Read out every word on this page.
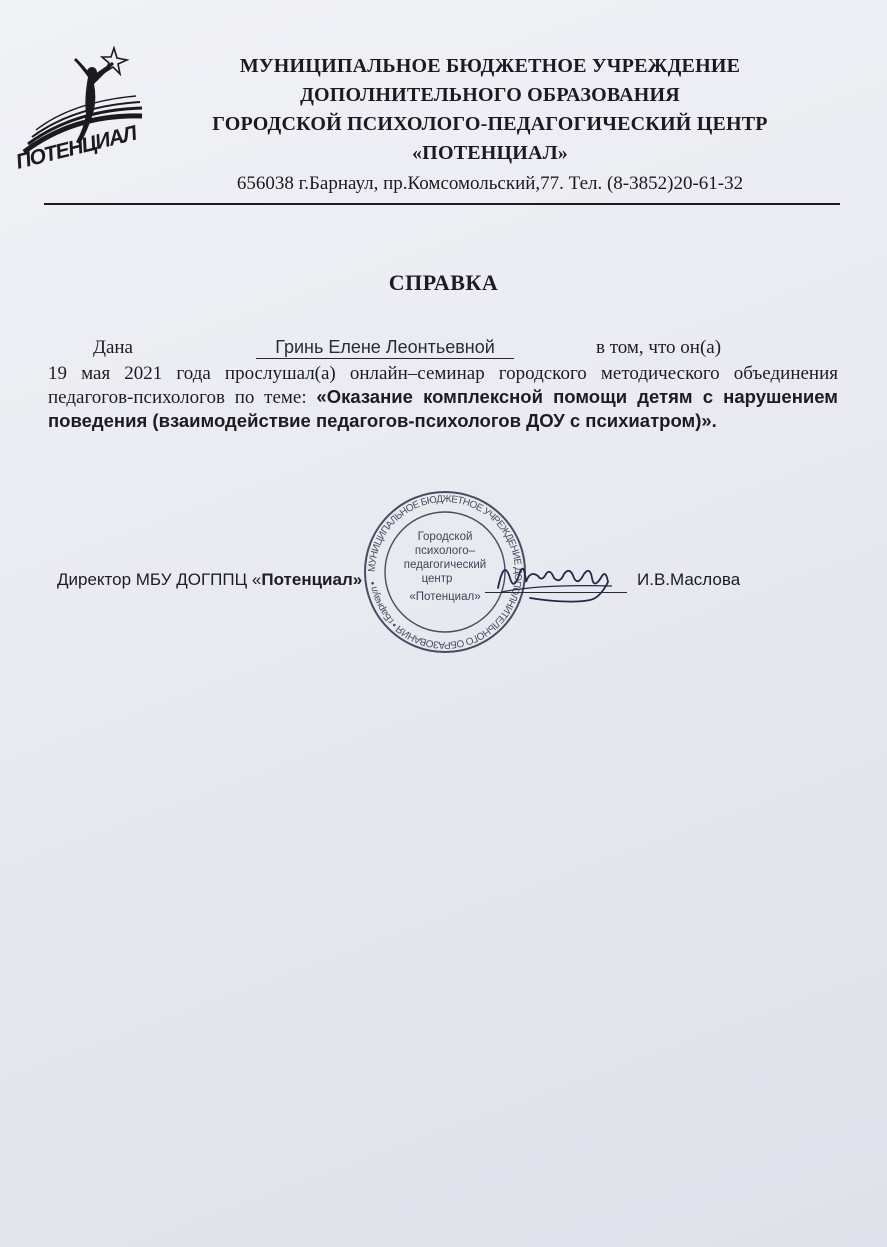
ПОТЕНЦИАЛ
МУНИЦИПАЛЬНОЕ БЮДЖЕТНОЕ УЧРЕЖДЕНИЕ
ДОПОЛНИТЕЛЬНОГО ОБРАЗОВАНИЯ
ГОРОДСКОЙ ПСИХОЛОГО-ПЕДАГОГИЧЕСКИЙ ЦЕНТР
«ПОТЕНЦИАЛ»
656038 г.Барнаул, пр.Комсомольский,77. Тел. (8-3852)20-61-32
СПРАВКА
Дана	Гринь Елене Леонтьевной	в том, что он(а)
19 мая 2021 года прослушал(а) онлайн–семинар городского методического объединения педагогов-психологов по теме: «Оказание комплексной помощи детям с нарушением поведения (взаимодействие педагогов-психологов ДОУ с психиатром)».
МУНИЦИПАЛЬНОЕ БЮДЖЕТНОЕ УЧРЕЖДЕНИЕ ДОПОЛНИТЕЛЬНОГО ОБРАЗОВАНИЯ • г.Барнаул •
Городской
психолого–
педагогический
центр
«Потенциал»
Директор МБУ ДОГППЦ «Потенциал»	И.В.Маслова
